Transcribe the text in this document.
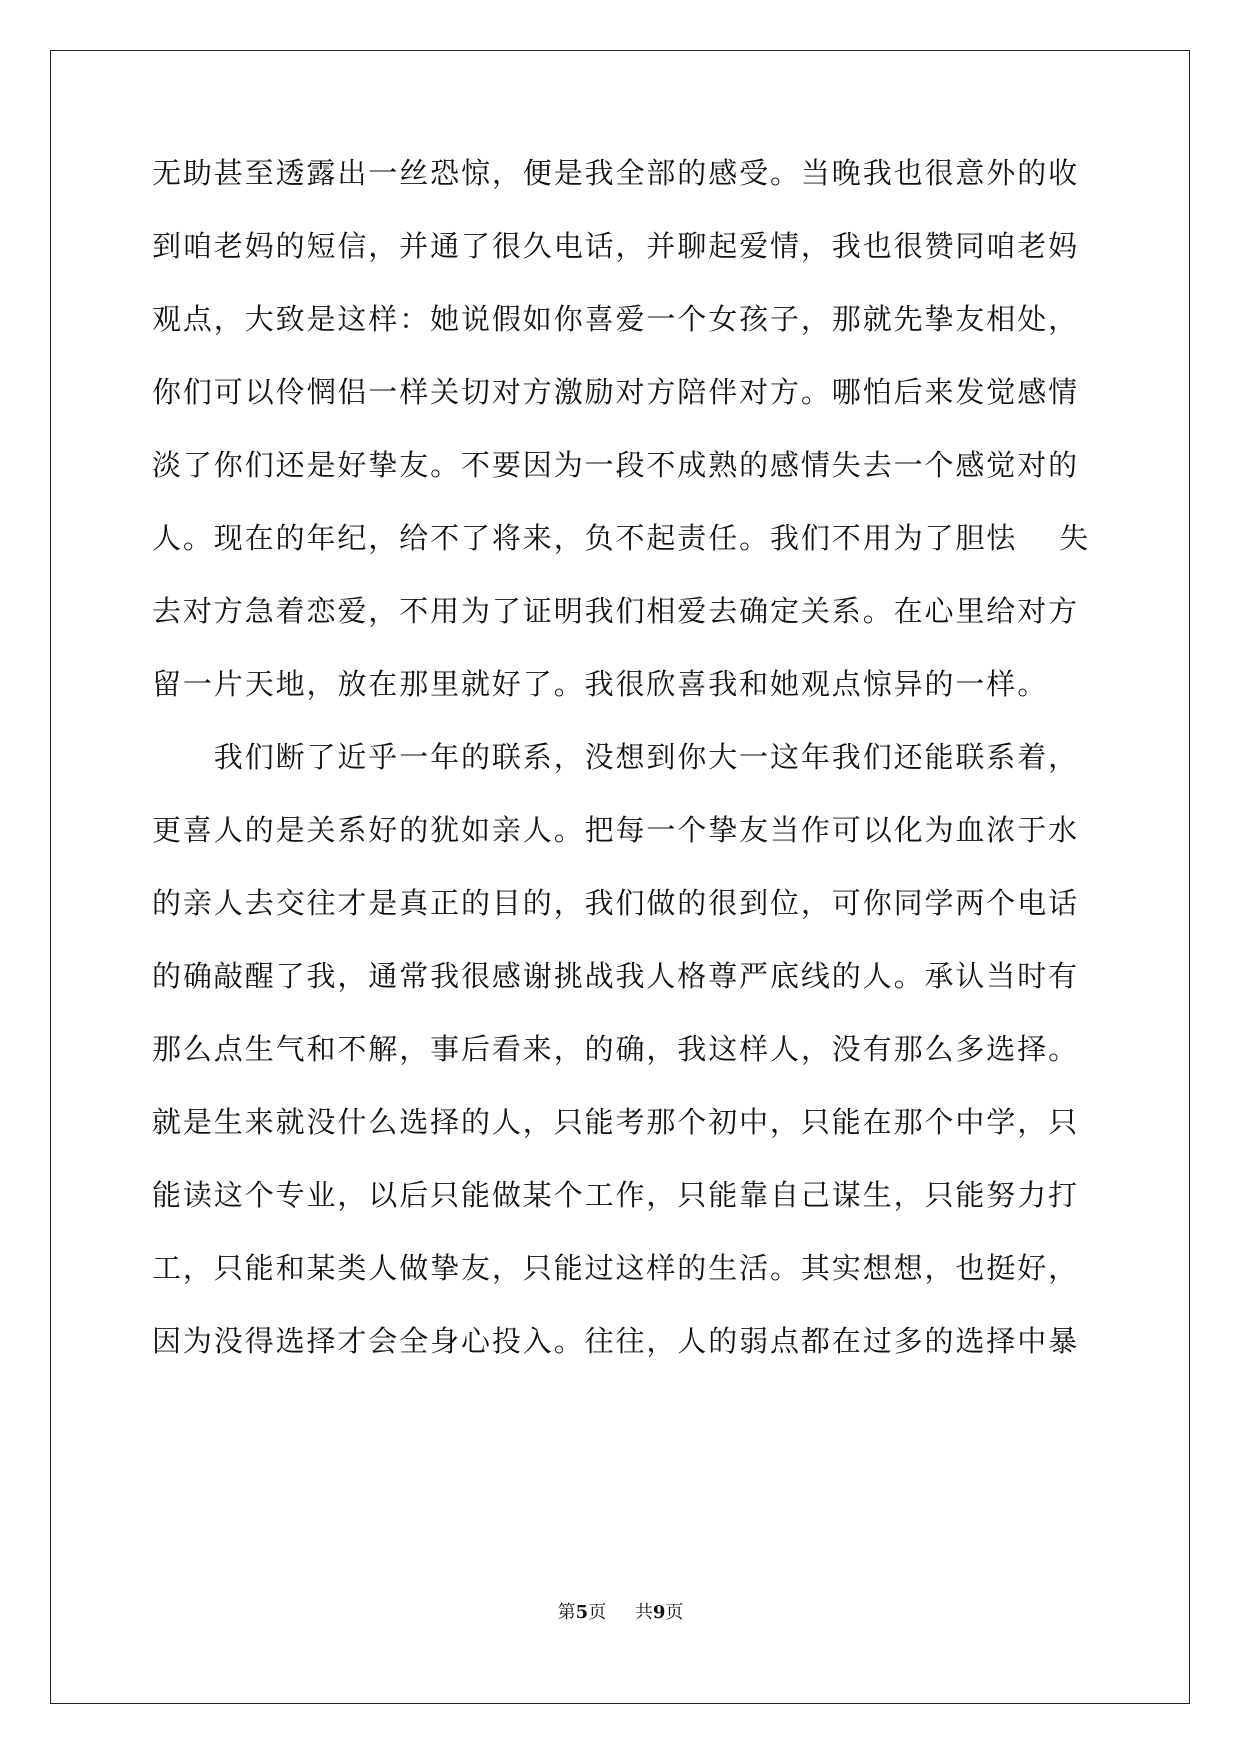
无助甚至透露出一丝恐惊，便是我全部的感受。当晚我也很意外的收
到咱老妈的短信，并通了很久电话，并聊起爱情，我也很赞同咱老妈
观点，大致是这样：她说假如你喜爱一个女孩子，那就先挚友相处，
你们可以伶惘侣一样关切对方激励对方陪伴对方。哪怕后来发觉感情
淡了你们还是好挚友。不要因为一段不成熟的感情失去一个感觉对的
人。现在的年纪，给不了将来，负不起责任。我们不用为了胆怯　 失
去对方急着恋爱，不用为了证明我们相爱去确定关系。在心里给对方
留一片天地，放在那里就好了。我很欣喜我和她观点惊异的一样。
　　我们断了近乎一年的联系，没想到你大一这年我们还能联系着，
更喜人的是关系好的犹如亲人。把每一个挚友当作可以化为血浓于水
的亲人去交往才是真正的目的，我们做的很到位，可你同学两个电话
的确敲醒了我，通常我很感谢挑战我人格尊严底线的人。承认当时有
那么点生气和不解，事后看来，的确，我这样人，没有那么多选择。
就是生来就没什么选择的人，只能考那个初中，只能在那个中学，只
能读这个专业，以后只能做某个工作，只能靠自己谋生，只能努力打
工，只能和某类人做挚友，只能过这样的生活。其实想想，也挺好，
因为没得选择才会全身心投入。往往，人的弱点都在过多的选择中暴
第5页 共9页
